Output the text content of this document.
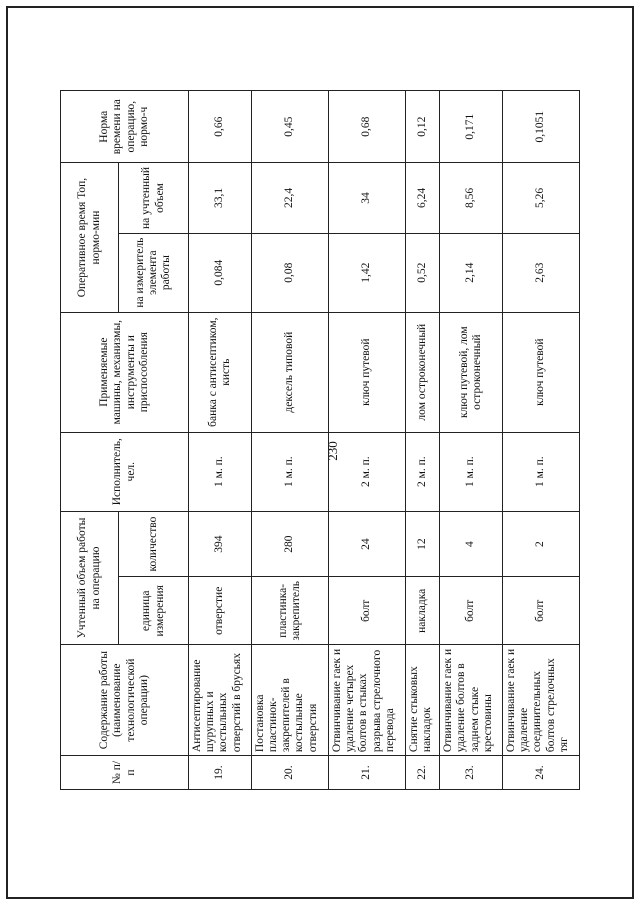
230
№ п/п	Содержание работы (наименование технологической операции)	Учтенный объем работы на операцию		Исполнитель, чел.	Применяемые машины, механизмы, инструменты и приспособления	Оперативное время Топ, нормо-мин		Норма времени на операцию, нормо-ч
		единица измерения	количество			на измеритель элемента работы	на учтенный объем	
19.	Антисептирование шурупных и костыльных отверстий в брусьях	отверстие	394	1 м. п.	банка с антисептиком, кисть	0,084	33,1	0,66
20.	Постановка пластинок-закрепителей в костыльные отверстия	пластинка-закрепитель	280	1 м. п.	дексель типовой	0,08	22,4	0,45
21.	Отвинчивание гаек и удаление четырех болтов в стыках разрыва стрелочного перевода	болт	24	2 м. п.	ключ путевой	1,42	34	0,68
22.	Снятие стыковых накладок	накладка	12	2 м. п.	лом остроконечный	0,52	6,24	0,12
23.	Отвинчивание гаек и удаление болтов в заднем стыке крестовины	болт	4	1 м. п.	ключ путевой, лом остроконечный	2,14	8,56	0,171
24.	Отвинчивание гаек и удаление соединительных болтов стрелочных тяг	болт	2	1 м. п.	ключ путевой	2,63	5,26	0,1051
